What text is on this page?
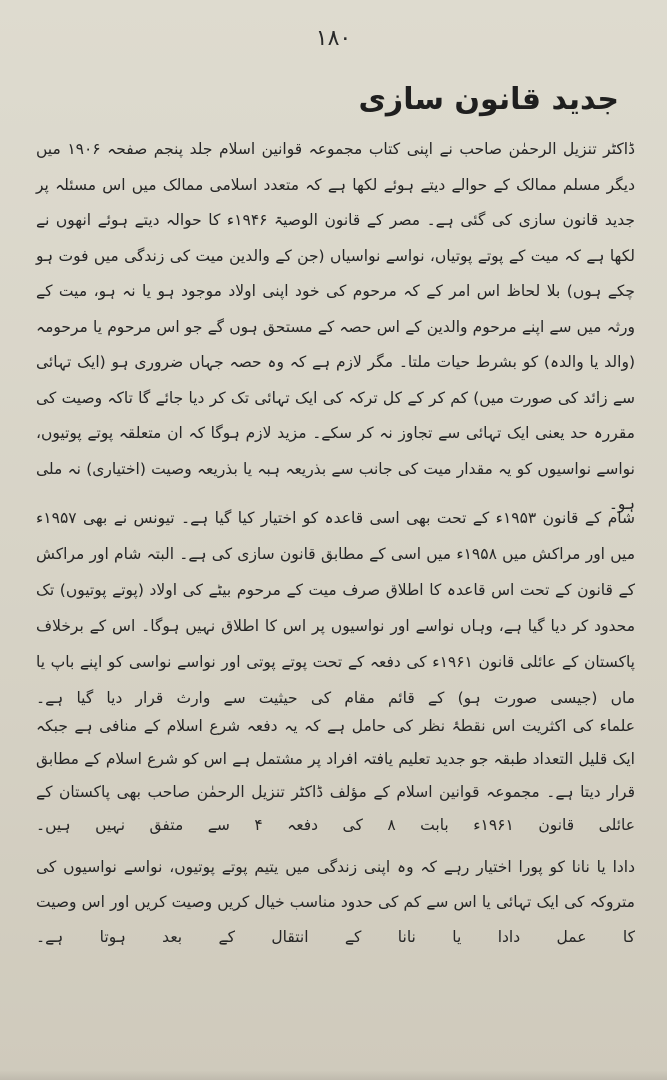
۱۸۰
جدید قانون سازی

ڈاکٹر تنزیل الرحمٰن صاحب نے اپنی کتاب مجموعہ قوانین اسلام جلد پنجم صفحہ ۱۹۰۶ میں دیگر مسلم ممالک کے حوالے دیتے ہوئے لکھا ہے کہ متعدد اسلامی ممالک میں اس مسئلہ پر جدید قانون سازی کی گئی ہے۔ مصر کے قانون الوصیۃ ۱۹۴۶ء کا حوالہ دیتے ہوئے انھوں نے لکھا ہے کہ میت کے پوتے پوتیاں، نواسے نواسیاں (جن کے والدین میت کی زندگی میں فوت ہو چکے ہوں) بلا لحاظ اس امر کے کہ مرحوم کی خود اپنی اولاد موجود ہو یا نہ ہو، میت کے ورثہ میں سے اپنے مرحوم والدین کے اس حصہ کے مستحق ہوں گے جو اس مرحوم یا مرحومہ (والد یا والدہ) کو بشرط حیات ملتا۔ مگر لازم ہے کہ وہ حصہ جہاں ضروری ہو (ایک تہائی سے زائد کی صورت میں) کم کر کے کل ترکہ کی ایک تہائی تک کر دیا جائے گا تاکہ وصیت کی مقررہ حد یعنی ایک تہائی سے تجاوز نہ کر سکے۔ مزید لازم ہوگا کہ ان متعلقہ پوتے پوتیوں، نواسے نواسیوں کو یہ مقدار میت کی جانب سے بذریعہ ہبہ یا بذریعہ وصیت (اختیاری) نہ ملی ہو۔

شام کے قانون ۱۹۵۳ء کے تحت بھی اسی قاعدہ کو اختیار کیا گیا ہے۔ تیونس نے بھی ۱۹۵۷ء میں اور مراکش میں ۱۹۵۸ء میں اسی کے مطابق قانون سازی کی ہے۔ البتہ شام اور مراکش کے قانون کے تحت اس قاعدہ کا اطلاق صرف میت کے مرحوم بیٹے کی اولاد (پوتے پوتیوں) تک محدود کر دیا گیا ہے، وہاں نواسے اور نواسیوں پر اس کا اطلاق نہیں ہوگا۔ اس کے برخلاف پاکستان کے عائلی قانون ۱۹۶۱ء کی دفعہ کے تحت پوتے پوتی اور نواسے نواسی کو اپنے باپ یا ماں (جیسی صورت ہو) کے قائم مقام کی حیثیت سے وارث قرار دیا گیا ہے۔

علماء کی اکثریت اس نقطۂ نظر کی حامل ہے کہ یہ دفعہ شرع اسلام کے منافی ہے جبکہ ایک قلیل التعداد طبقہ جو جدید تعلیم یافتہ افراد پر مشتمل ہے اس کو شرع اسلام کے مطابق قرار دیتا ہے۔ مجموعہ قوانین اسلام کے مؤلف ڈاکٹر تنزیل الرحمٰن صاحب بھی پاکستان کے عائلی قانون ۱۹۶۱ء بابت ۸ کی دفعہ ۴ سے متفق نہیں ہیں۔

دادا یا نانا کو پورا اختیار رہے کہ وہ اپنی زندگی میں یتیم پوتے پوتیوں، نواسے نواسیوں کی متروکہ کی ایک تہائی یا اس سے کم کی حدود مناسب خیال کریں وصیت کریں اور اس وصیت کا عمل دادا یا نانا کے انتقال کے بعد ہوتا ہے۔
